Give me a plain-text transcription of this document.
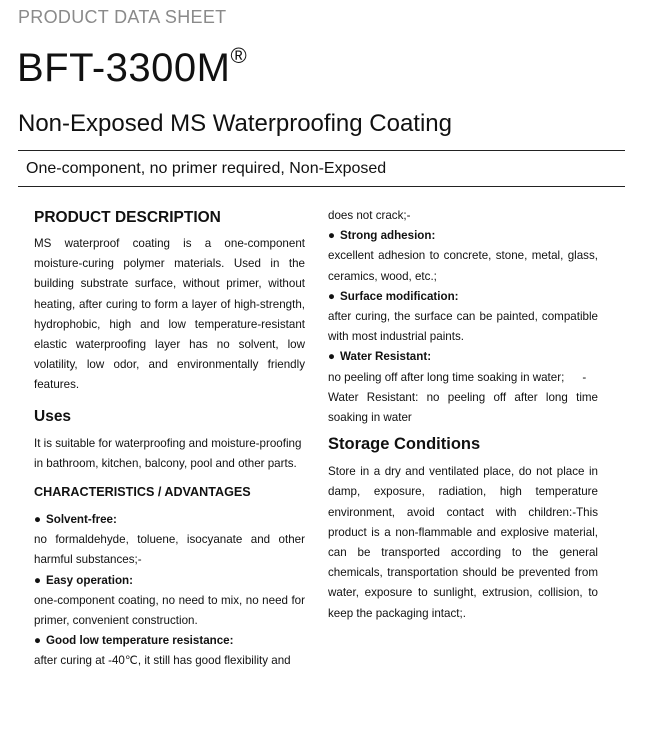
PRODUCT DATA SHEET
BFT-3300M®
Non-Exposed MS Waterproofing Coating
One-component, no primer required, Non-Exposed
PRODUCT DESCRIPTION

MS waterproof coating is a one-component moisture-curing polymer materials. Used in the building substrate surface, without primer, without heating, after curing to form a layer of high-strength, hydrophobic, high and low temperature-resistant elastic waterproofing layer has no solvent, low volatility, low odor, and environmentally friendly features.

Uses

It is suitable for waterproofing and moisture-proofing in bathroom, kitchen, balcony, pool and other parts.

CHARACTERISTICS / ADVANTAGES

● Solvent-free:

no formaldehyde, toluene, isocyanate and other harmful substances;-

● Easy operation:

one-component coating, no need to mix, no need for primer, convenient construction.

● Good low temperature resistance:

after curing at -40℃, it still has good flexibility and

does not crack;-

● Strong adhesion:

excellent adhesion to concrete, stone, metal, glass, ceramics, wood, etc.;

● Surface modification:

after curing, the surface can be painted, compatible with most industrial paints.

● Water Resistant:

no peeling off after long time soaking in water; -

Water Resistant: no peeling off after long time soaking in water

Storage Conditions

Store in a dry and ventilated place, do not place in damp, exposure, radiation, high temperature environment, avoid contact with children:-This product is a non-flammable and explosive material, can be transported according to the general chemicals, transportation should be prevented from water, exposure to sunlight, extrusion, collision, to keep the packaging intact;.
